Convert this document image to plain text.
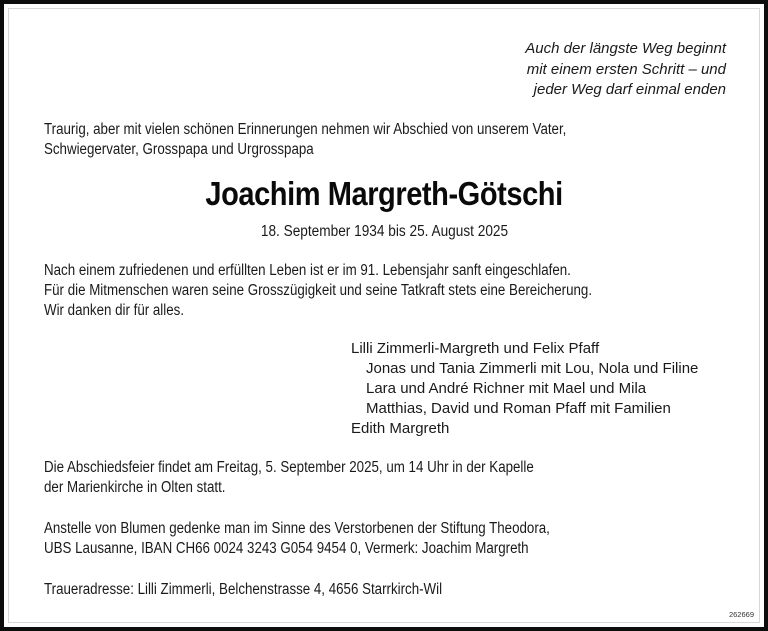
Auch der längste Weg beginnt
mit einem ersten Schritt – und
jeder Weg darf einmal enden
Traurig, aber mit vielen schönen Erinnerungen nehmen wir Abschied von unserem Vater,
Schwiegervater, Grosspapa und Urgrosspapa
Joachim Margreth-Götschi
18. September 1934 bis 25. August 2025
Nach einem zufriedenen und erfüllten Leben ist er im 91. Lebensjahr sanft eingeschlafen.
Für die Mitmenschen waren seine Grosszügigkeit und seine Tatkraft stets eine Bereicherung.
Wir danken dir für alles.
Lilli Zimmerli-Margreth und Felix Pfaff
Jonas und Tania Zimmerli mit Lou, Nola und Filine
Lara und André Richner mit Mael und Mila
Matthias, David und Roman Pfaff mit Familien
Edith Margreth
Die Abschiedsfeier findet am Freitag, 5. September 2025, um 14 Uhr in der Kapelle
der Marienkirche in Olten statt.
Anstelle von Blumen gedenke man im Sinne des Verstorbenen der Stiftung Theodora,
UBS Lausanne, IBAN CH66 0024 3243 G054 9454 0, Vermerk: Joachim Margreth
Traueradresse: Lilli Zimmerli, Belchenstrasse 4, 4656 Starrkirch-Wil
262669
